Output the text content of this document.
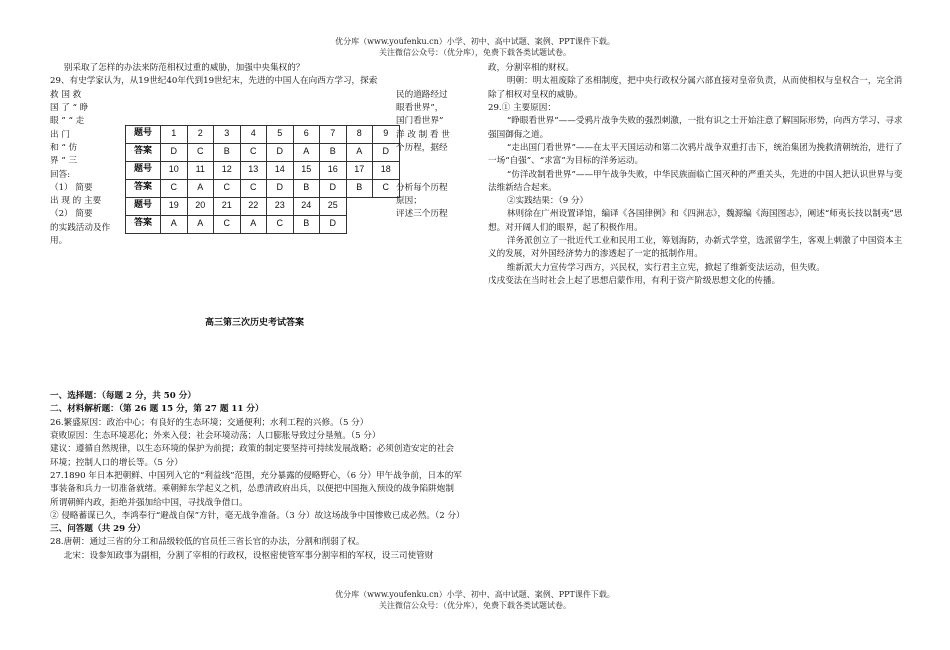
优分库（www.youfenku.cn）小学、初中、高中试题、案例、PPT课件下载。
关注微信公众号：（优分库），免费下载各类试题试卷。

别采取了怎样的办法来防范相权过重的威胁，加强中央集权的？

29、有史学家认为，从19世纪40年代到19世纪末，先进的中国人在向西方学习，探索

救 国 救

国 了 “ 睁

眼 ” “ 走

出 门

和 “ 仿

界 ” 三

回答:

（1） 简要

出 现 的 主要

（2） 简要

的实践活动及作用。

题号	1	2	3	4	5	6	7	8	9
答案	D	C	B	C	D	A	B	A	D
题号	10	11	12	13	14	15	16	17	18
答案	C	A	C	C	D	B	D	B	C
题号	19	20	21	22	23	24	25		
答案	A	A	C	A	C	B	D		

民的道路经过

眼看世界”，

国门看世界”

洋 改 制 看 世

个历程，据经

分析每个历程

原因；

评述三个历程

高三第三次历史考试答案

一、选择题：（每题 2 分，共 50 分）

二、材料解析题：（第 26 题 15 分，第 27 题 11 分）

26.繁盛原因：政治中心；有良好的生态环境；交通便利；水利工程的兴修。（5 分）

衰败原因：生态环境恶化；外来入侵；社会环境动荡；人口膨胀导致过分垦殖。（5 分）

建议：遵循自然规律，以生态环境的保护为前提；政策的制定要坚持可持续发展战略；必须创造安定的社会环境；控制人口的增长等。（5 分）

27.1890 年日本把朝鲜、中国列入它的“利益线”范围，充分暴露的侵略野心，（6 分）甲午战争前，日本的军事装备和兵力一切准备就绪。乘朝鲜东学起义之机，怂恿清政府出兵，以便把中国拖入预设的战争陷阱炮制所谓朝鲜内政，拒绝并强加给中国，寻找战争借口。

② 侵略蓄谋已久，李鸿奉行“避战自保”方针，毫无战争准备。（3 分）故这场战争中国惨败已成必然。（2 分）

三、问答题（共 29 分）

28.唐朝：通过三省的分工和品级较低的官员任三省长官的办法，分割和削弱了权。

北宋：设参知政事为副相，分割了宰相的行政权，设枢密使管军事分割宰相的军权，设三司使管财

政，分割宰相的财权。

明朝：明太祖废除了丞相制度，把中央行政权分属六部直接对皇帝负责，从而使相权与皇权合一，完全消除了相权对皇权的威胁。

29.① 主要原因：

“睁眼看世界”——受鸦片战争失败的强烈刺激，一批有识之士开始注意了解国际形势，向西方学习、寻求强国御侮之道。

“走出国门看世界”——在太平天国运动和第二次鸦片战争双重打击下，统治集团为挽救清朝统治，进行了一场“自强”、“求富”为目标的洋务运动。

“仿洋改制看世界”——甲午战争失败，中华民族面临亡国灭种的严重关头，先进的中国人把认识世界与变法维新结合起来。

②实践结果：（9 分）

林则徐在广州设置译馆，编译《各国律例》和《四洲志》，魏源编《海国图志》，阐述“师夷长技以制夷”思想。对开阔人们的眼界，起了积极作用。

洋务派创立了一批近代工业和民用工业，筹划海防，办新式学堂，选派留学生，客观上刺激了中国资本主义的发展，对外国经济势力的渗透起了一定的抵制作用。

维新派大力宣传学习西方，兴民权，实行君主立宪，掀起了维新变法运动，但失败。

戊戌变法在当时社会上起了思想启蒙作用，有利于资产阶级思想文化的传播。

优分库（www.youfenku.cn）小学、初中、高中试题、案例、PPT课件下载。
关注微信公众号：（优分库），免费下载各类试题试卷。
